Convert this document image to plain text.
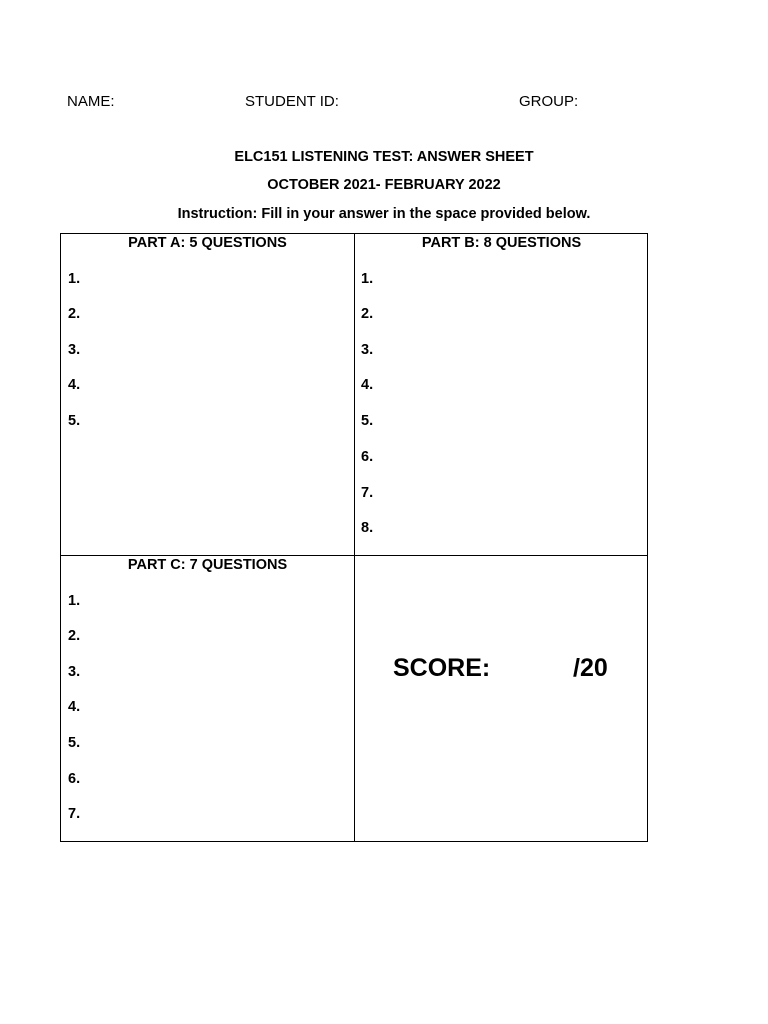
NAME:	STUDENT ID:	GROUP:
ELC151 LISTENING TEST: ANSWER SHEET
OCTOBER 2021- FEBRUARY 2022
Instruction: Fill in your answer in the space provided below.
PART A: 5 QUESTIONS
1.
2.
3.
4.
5.
PART B: 8 QUESTIONS
1.
2.
3.
4.
5.
6.
7.
8.
PART C: 7 QUESTIONS
1.
2.
3.
4.
5.
6.
7.
SCORE:	/20
